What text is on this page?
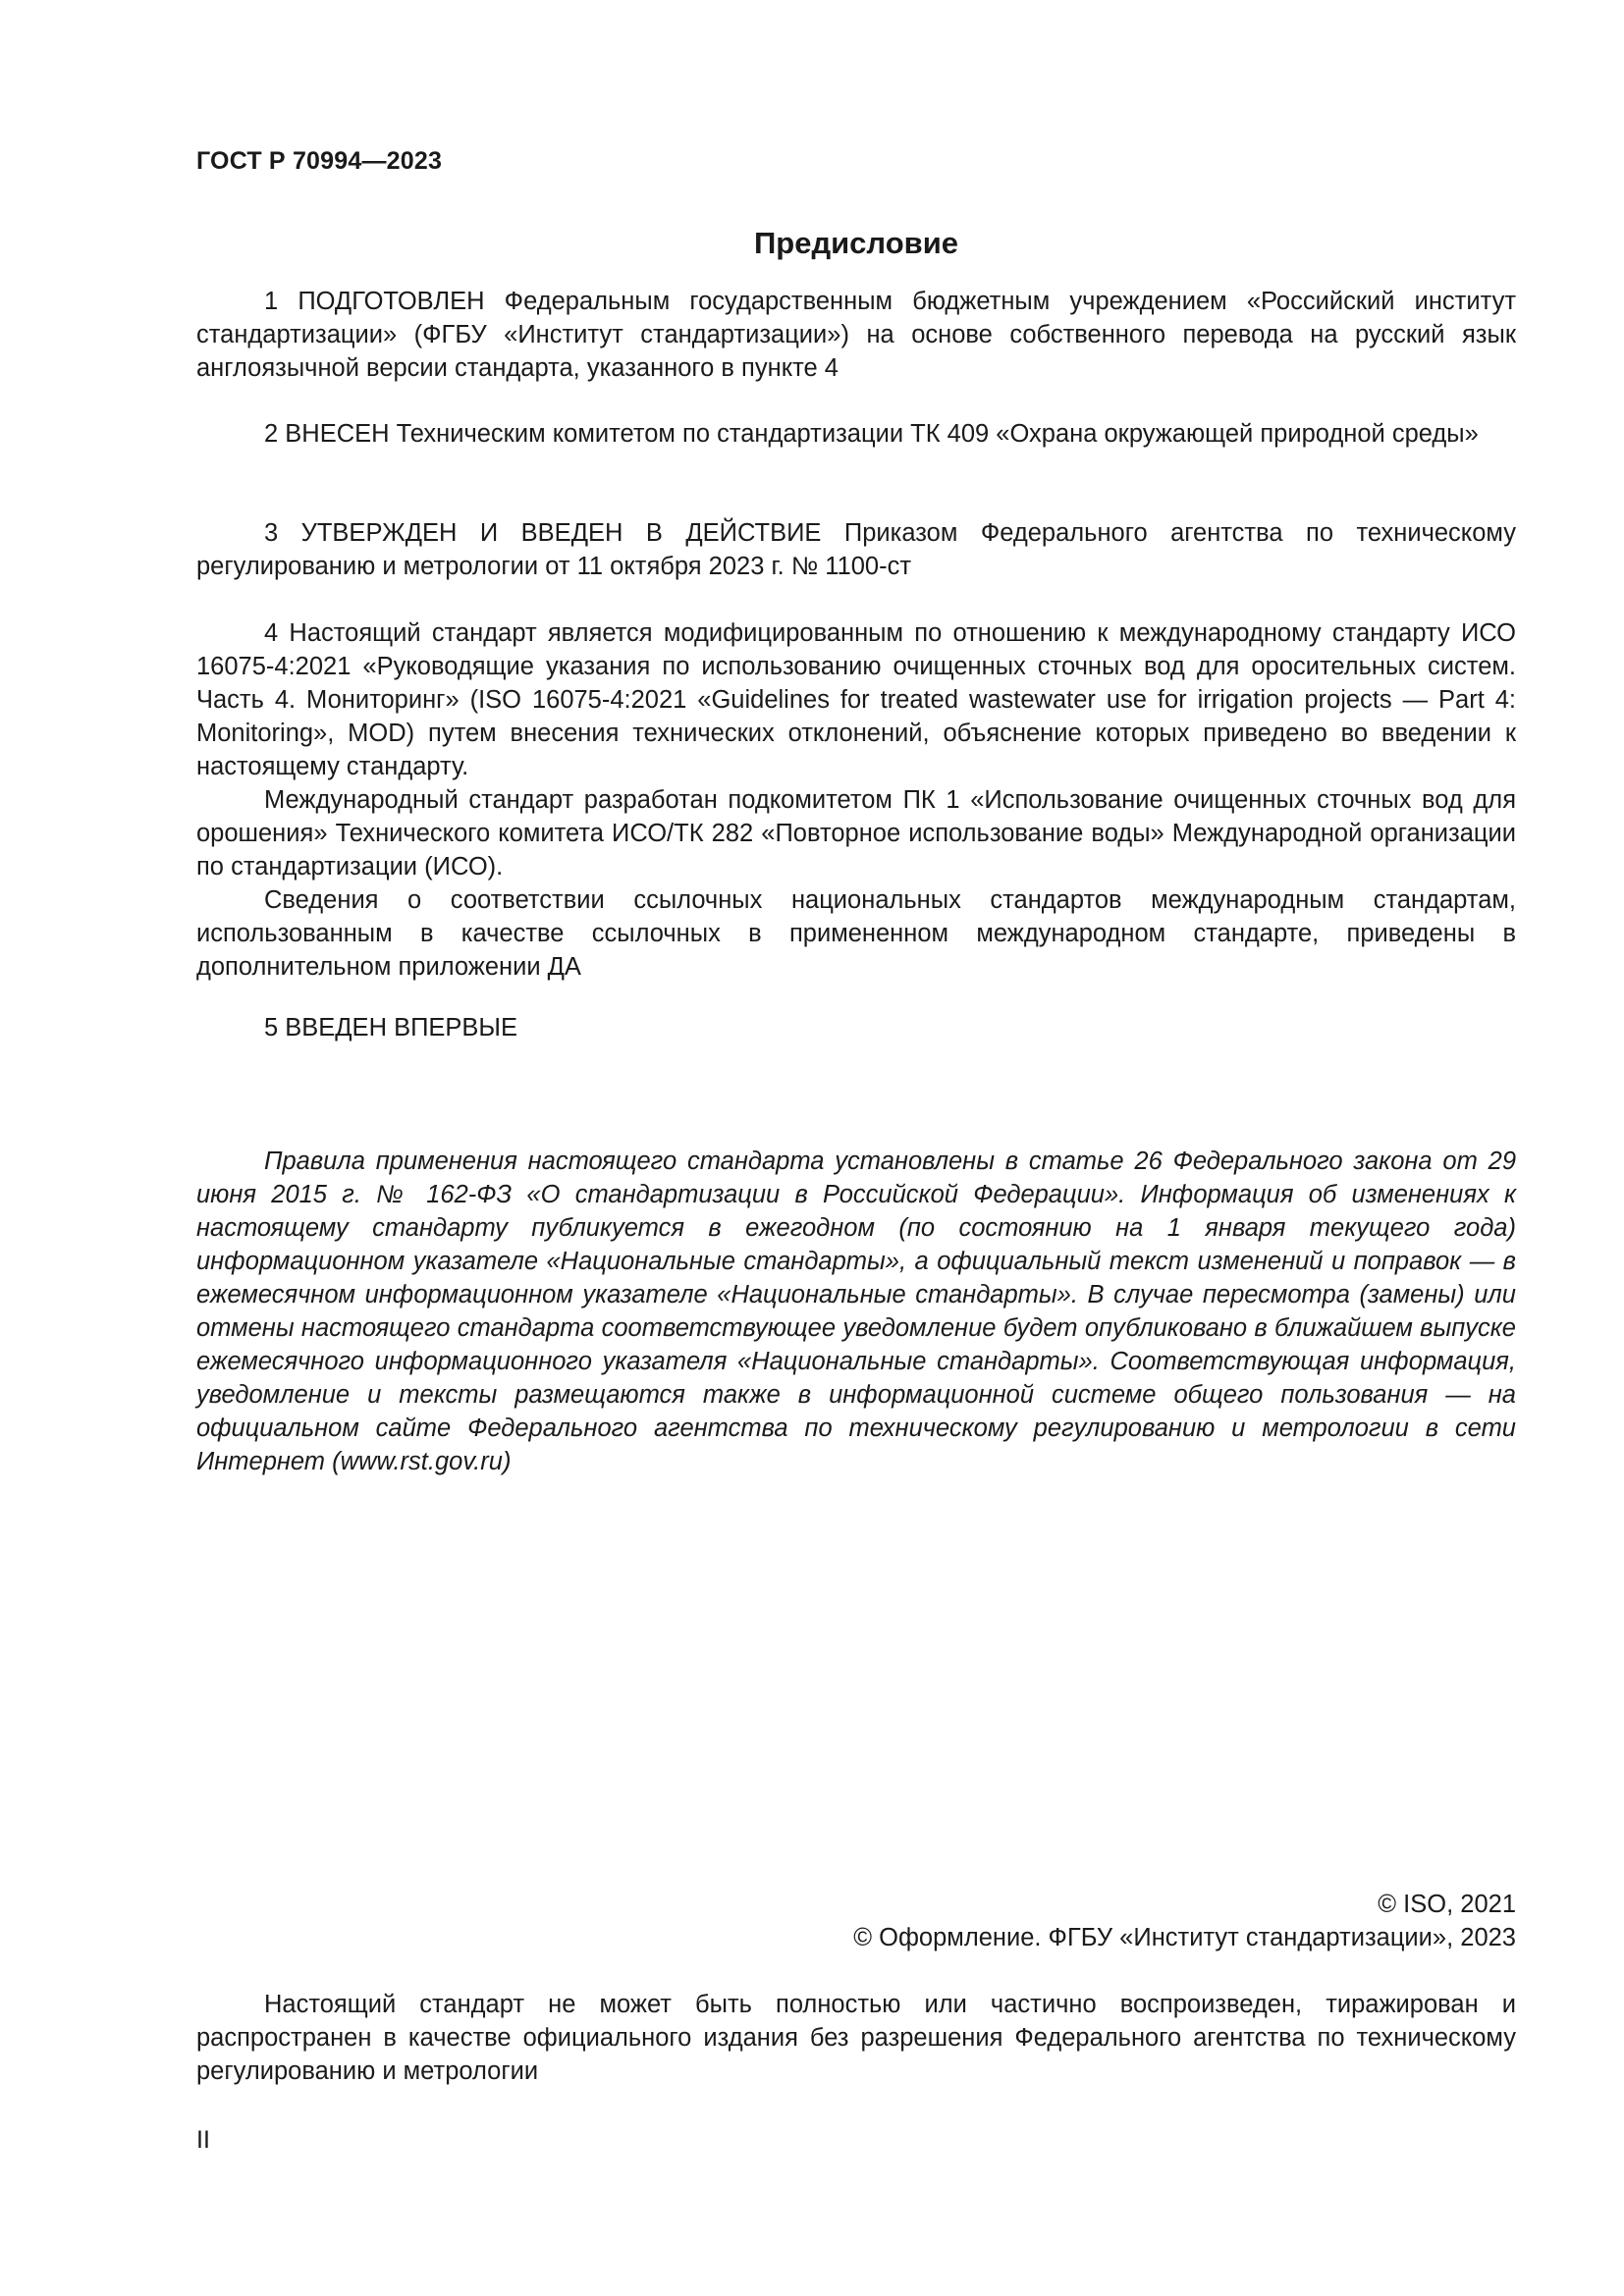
ГОСТ Р 70994—2023
Предисловие

1 ПОДГОТОВЛЕН Федеральным государственным бюджетным учреждением «Российский институт стандартизации» (ФГБУ «Институт стандартизации») на основе собственного перевода на русский язык англоязычной версии стандарта, указанного в пункте 4

2 ВНЕСЕН Техническим комитетом по стандартизации ТК 409 «Охрана окружающей природной среды»

3 УТВЕРЖДЕН И ВВЕДЕН В ДЕЙСТВИЕ Приказом Федерального агентства по техническому регулированию и метрологии от 11 октября 2023 г. № 1100-ст

4 Настоящий стандарт является модифицированным по отношению к международному стандарту ИСО 16075-4:2021 «Руководящие указания по использованию очищенных сточных вод для оросительных систем. Часть 4. Мониторинг» (ISO 16075-4:2021 «Guidelines for treated wastewater use for irrigation projects — Part 4: Monitoring», MOD) путем внесения технических отклонений, объяснение которых приведено во введении к настоящему стандарту.

Международный стандарт разработан подкомитетом ПК 1 «Использование очищенных сточных вод для орошения» Технического комитета ИСО/ТК 282 «Повторное использование воды» Международной организации по стандартизации (ИСО).

Сведения о соответствии ссылочных национальных стандартов международным стандартам, использованным в качестве ссылочных в примененном международном стандарте, приведены в дополнительном приложении ДА

5 ВВЕДЕН ВПЕРВЫЕ

Правила применения настоящего стандарта установлены в статье 26 Федерального закона от 29 июня 2015 г. № 162-ФЗ «О стандартизации в Российской Федерации». Информация об изменениях к настоящему стандарту публикуется в ежегодном (по состоянию на 1 января текущего года) информационном указателе «Национальные стандарты», а официальный текст изменений и поправок — в ежемесячном информационном указателе «Национальные стандарты». В случае пересмотра (замены) или отмены настоящего стандарта соответствующее уведомление будет опубликовано в ближайшем выпуске ежемесячного информационного указателя «Национальные стандарты». Соответствующая информация, уведомление и тексты размещаются также в информационной системе общего пользования — на официальном сайте Федерального агентства по техническому регулированию и метрологии в сети Интернет (www.rst.gov.ru)

© ISO, 2021
© Оформление. ФГБУ «Институт стандартизации», 2023

Настоящий стандарт не может быть полностью или частично воспроизведен, тиражирован и распространен в качестве официального издания без разрешения Федерального агентства по техническому регулированию и метрологии

II
